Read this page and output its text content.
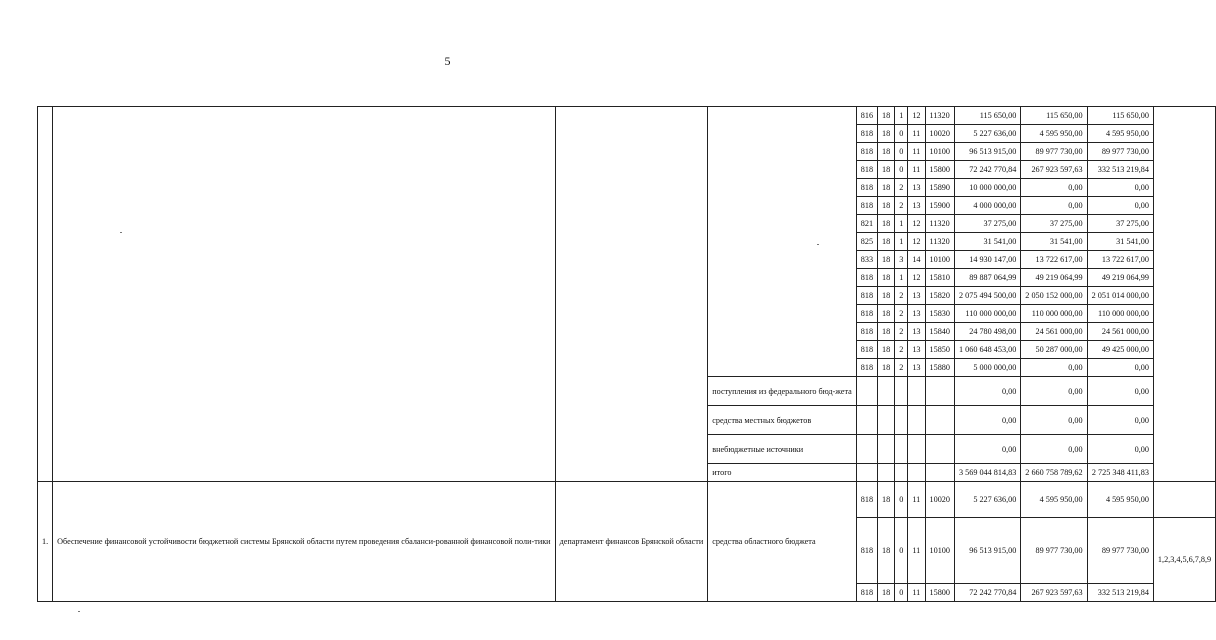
5
				816	18	1	12	11320	115 650,00	115 650,00	115 650,00	
				818	18	0	11	10020	5 227 636,00	4 595 950,00	4 595 950,00	
				818	18	0	11	10100	96 513 915,00	89 977 730,00	89 977 730,00	
				818	18	0	11	15800	72 242 770,84	267 923 597,63	332 513 219,84	
				818	18	2	13	15890	10 000 000,00	0,00	0,00	
				818	18	2	13	15900	4 000 000,00	0,00	0,00	
				821	18	1	12	11320	37 275,00	37 275,00	37 275,00	
				825	18	1	12	11320	31 541,00	31 541,00	31 541,00	
				833	18	3	14	10100	14 930 147,00	13 722 617,00	13 722 617,00	
				818	18	1	12	15810	89 887 064,99	49 219 064,99	49 219 064,99	
				818	18	2	13	15820	2 075 494 500,00	2 050 152 000,00	2 051 014 000,00	
				818	18	2	13	15830	110 000 000,00	110 000 000,00	110 000 000,00	
				818	18	2	13	15840	24 780 498,00	24 561 000,00	24 561 000,00	
				818	18	2	13	15850	1 060 648 453,00	50 287 000,00	49 425 000,00	
				818	18	2	13	15880	5 000 000,00	0,00	0,00	
			поступления из федерального бюд-жета						0,00	0,00	0,00	
			средства местных бюджетов						0,00	0,00	0,00	
			внебюджетные источники						0,00	0,00	0,00	
			итого						3 569 044 814,83	2 660 758 789,62	2 725 348 411,83	
1.	Обеспечение финансовой устойчивости бюджетной системы Брянской области путем проведения сбаланси-рованной финансовой поли-тики	департамент финансов Брянской области	средства областного бюджета	818	18	0	11	10020	5 227 636,00	4 595 950,00	4 595 950,00	
				818	18	0	11	10100	96 513 915,00	89 977 730,00	89 977 730,00	1,2,3,4,5,6,7,8,9
				818	18	0	11	15800	72 242 770,84	267 923 597,63	332 513 219,84	
